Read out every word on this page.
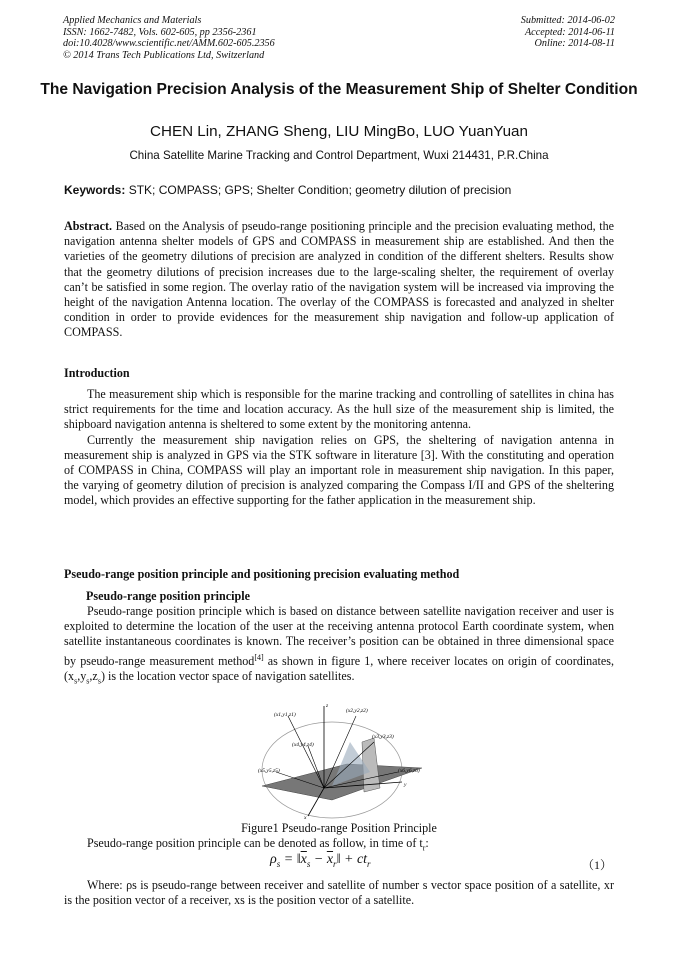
Applied Mechanics and Materials
ISSN: 1662-7482, Vols. 602-605, pp 2356-2361
doi:10.4028/www.scientific.net/AMM.602-605.2356
© 2014 Trans Tech Publications Ltd, Switzerland
Submitted: 2014-06-02
Accepted: 2014-06-11
Online: 2014-08-11
The Navigation Precision Analysis of the Measurement Ship of Shelter Condition
CHEN Lin, ZHANG Sheng, LIU MingBo, LUO YuanYuan
China Satellite Marine Tracking and Control Department, Wuxi 214431, P.R.China
Keywords: STK; COMPASS; GPS; Shelter Condition; geometry dilution of precision

Abstract. Based on the Analysis of pseudo-range positioning principle and the precision evaluating method, the navigation antenna shelter models of GPS and COMPASS in measurement ship are established. And then the varieties of the geometry dilutions of precision are analyzed in condition of the different shelters. Results show that the geometry dilutions of precision increases due to the large-scaling shelter, the requirement of overlay can’t be satisfied in some region. The overlay ratio of the navigation system will be increased via improving the height of the navigation Antenna location. The overlay of the COMPASS is forecasted and analyzed in shelter condition in order to provide evidences for the measurement ship navigation and follow-up application of COMPASS.

Introduction

The measurement ship which is responsible for the marine tracking and controlling of satellites in china has strict requirements for the time and location accuracy. As the hull size of the measurement ship is limited, the shipboard navigation antenna is sheltered to some extent by the monitoring antenna.

Currently the measurement ship navigation relies on GPS, the sheltering of navigation antenna in measurement ship is analyzed in GPS via the STK software in literature [3]. With the constituting and operation of COMPASS in China, COMPASS will play an important role in measurement ship navigation. In this paper, the varying of geometry dilution of precision is analyzed comparing the Compass I/II and GPS of the sheltering model, which provides an effective supporting for the father application in the measurement ship.

Pseudo-range position principle and positioning precision evaluating method
Pseudo-range position principle

Pseudo-range position principle which is based on distance between satellite navigation receiver and user is exploited to determine the location of the user at the receiving antenna protocol Earth coordinate system, when satellite instantaneous coordinates is known. The receiver’s position can be obtained in three dimensional space by pseudo-range measurement method[4] as shown in figure 1, where receiver locates on origin of coordinates, $(x_s,y_s,z_s)$ is the location vector space of navigation satellites.

(x1,y1,z1)
(x2,y2,z2)
(x3,y3,z3)
(x4,y4,z4)
(x5,y5,z5)	(x6,y6,z6)
z
y
x
Figure1 Pseudo-range Position Principle
Pseudo-range position principle can be denoted as follow, in time of $t_r$:
$\rho_s$ = $‖\overline{x}_s$ − $\overline{x}_r‖ + ct_r$	（1）

Where: ρs is pseudo-range between receiver and satellite of number s vector space position of a satellite, xr is the position vector of a receiver, xs is the position vector of a satellite.
